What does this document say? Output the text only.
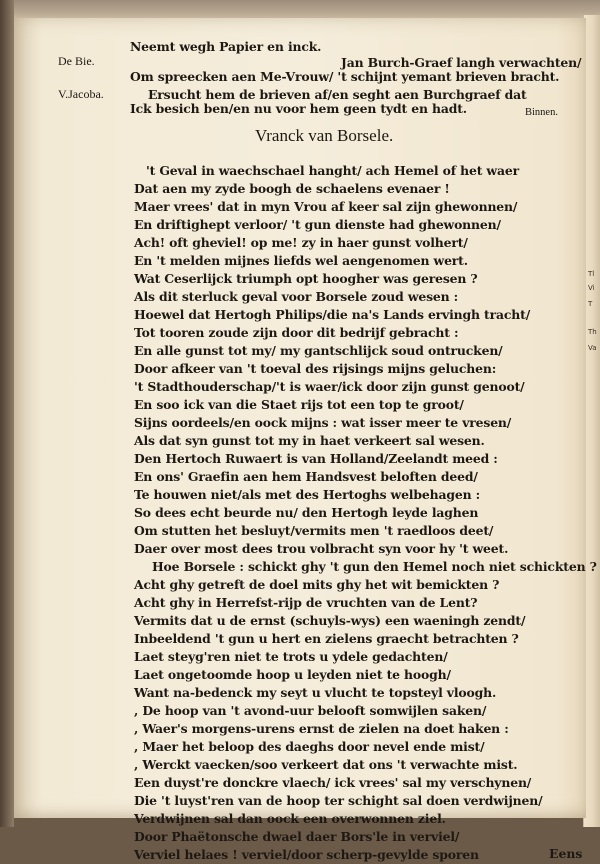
Tl
Vi
T
Th
Va
De Bie.
V.Jacoba.
Neemt wegh Papier en inck.
Jan Burch-Graef langh verwachten/
Om spreecken aen Me-Vrouw/ 't schijnt yemant brieven bracht.
Ersucht hem de brieven af/en seght aen Burchgraef dat
Ick besich ben/en nu voor hem geen tydt en hadt.	Binnen.
Vranck van Borsele.
't Geval in waechschael hanght/ ach Hemel of het waer
Dat aen my zyde boogh de schaelens evenaer !
Maer vrees' dat in myn Vrou af keer sal zijn ghewonnen/
En driftighept verloor/ 't gun dienste had ghewonnen/
Ach! oft gheviel! op me! zy in haer gunst volhert/
En 't melden mijnes liefds wel aengenomen wert.
Wat Ceserlijck triumph opt hoogher was geresen ?
Als dit sterluck geval voor Borsele zoud wesen :
Hoewel dat Hertogh Philips/die na's Lands ervingh tracht/
Tot tooren zoude zijn door dit bedrijf gebracht :
En alle gunst tot my/ my gantschlijck soud ontrucken/
Door afkeer van 't toeval des rijsings mijns geluchen:
't Stadthouderschap/'t is waer/ick door zijn gunst genoot/
En soo ick van die Staet rijs tot een top te groot/
Sijns oordeels/en oock mijns : wat isser meer te vresen/
Als dat syn gunst tot my in haet verkeert sal wesen.
Den Hertoch Ruwaert is van Holland/Zeelandt meed :
En ons' Graefin aen hem Handsvest beloften deed/
Te houwen niet/als met des Hertoghs welbehagen :
So dees echt beurde nu/ den Hertogh leyde laghen
Om stutten het besluyt/vermits men 't raedloos deet/
Daer over most dees trou volbracht syn voor hy 't weet.
Hoe Borsele : schickt ghy 't gun den Hemel noch niet schickten ?
Acht ghy getreft de doel mits ghy het wit bemickten ?
Acht ghy in Herrefst-rijp de vruchten van de Lent?
Vermits dat u de ernst (schuyls-wys) een waeningh zendt/
Inbeeldend 't gun u hert en zielens graecht betrachten ?
Laet steyg'ren niet te trots u ydele gedachten/
Laet ongetoomde hoop u leyden niet te hoogh/
Want na-bedenck my seyt u vlucht te topsteyl vloogh.
, De hoop van 't avond-uur belooft somwijlen saken/
, Waer's morgens-urens ernst de zielen na doet haken :
, Maer het beloop des daeghs door nevel ende mist/
, Werckt vaecken/soo verkeert dat ons 't verwachte mist.
Een duyst're donckre vlaech/ ick vrees' sal my verschynen/
Die 't luyst'ren van de hoop ter schight sal doen verdwijnen/
Verdwijnen sal dan oock een overwonnen ziel.
Door Phaëtonsche dwael daer Bors'le in verviel/
Verviel helaes ! verviel/door scherp-gevylde sporen	Eens
